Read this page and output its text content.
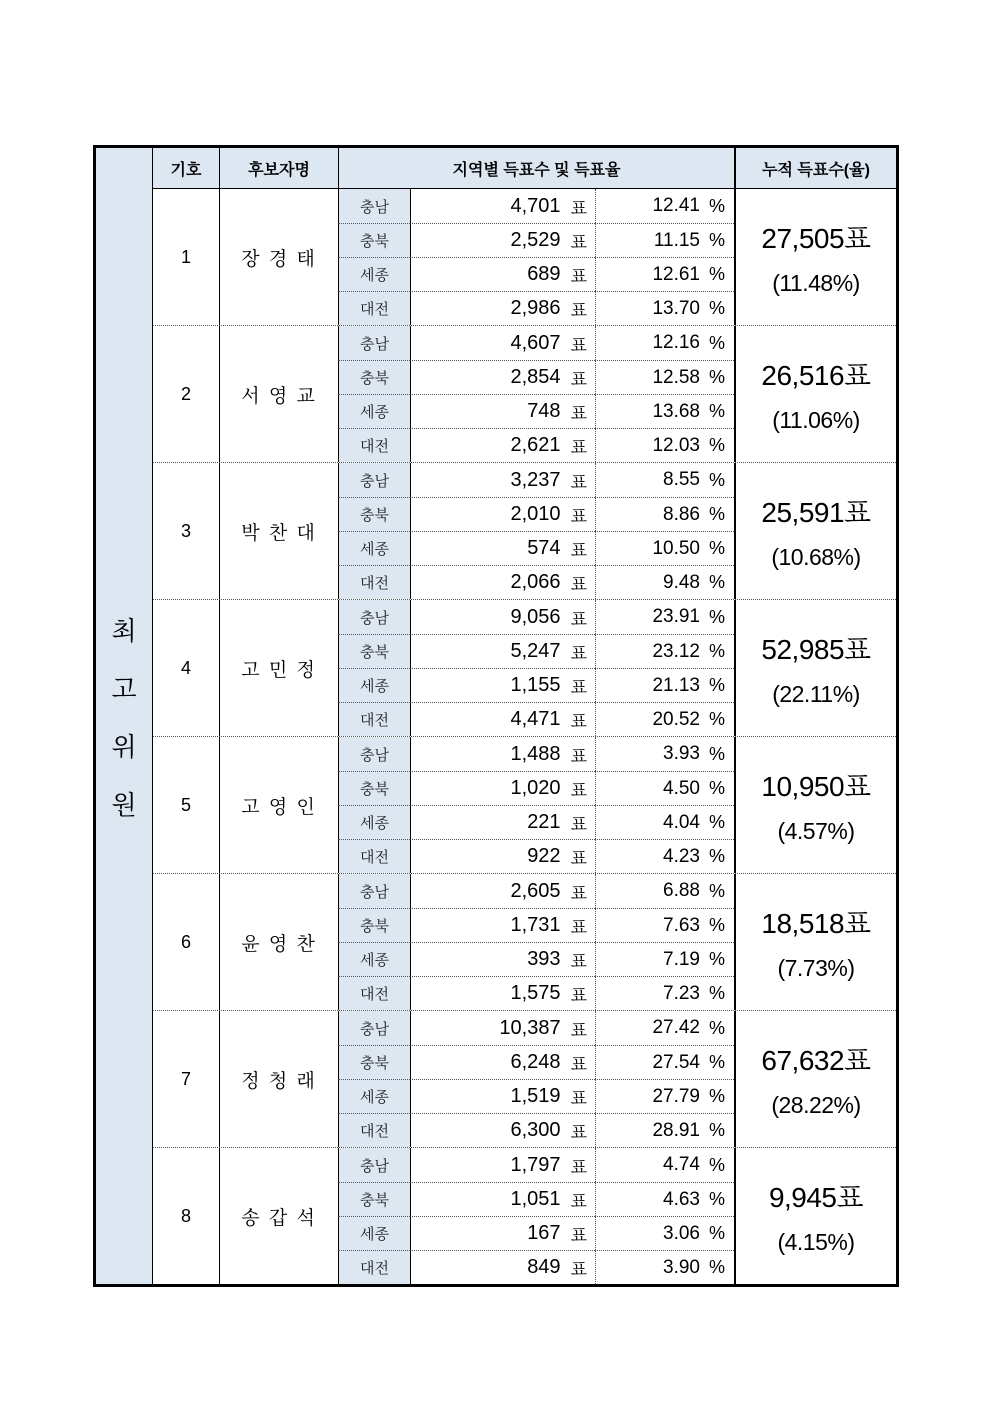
최
고
위
원
기호	후보자명	지역별 득표수 및 득표율	누적 득표수(율)
1	장 경 태
충남	4,701 표	12.41 %
충북	2,529 표	11.15 %
세종	689 표	12.61 %
대전	2,986 표	13.70 %
27,505표
(11.48%)
2	서 영 교
충남	4,607 표	12.16 %
충북	2,854 표	12.58 %
세종	748 표	13.68 %
대전	2,621 표	12.03 %
26,516표
(11.06%)
3	박 찬 대
충남	3,237 표	8.55 %
충북	2,010 표	8.86 %
세종	574 표	10.50 %
대전	2,066 표	9.48 %
25,591표
(10.68%)
4	고 민 정
충남	9,056 표	23.91 %
충북	5,247 표	23.12 %
세종	1,155 표	21.13 %
대전	4,471 표	20.52 %
52,985표
(22.11%)
5	고 영 인
충남	1,488 표	3.93 %
충북	1,020 표	4.50 %
세종	221 표	4.04 %
대전	922 표	4.23 %
10,950표
(4.57%)
6	윤 영 찬
충남	2,605 표	6.88 %
충북	1,731 표	7.63 %
세종	393 표	7.19 %
대전	1,575 표	7.23 %
18,518표
(7.73%)
7	정 청 래
충남	10,387 표	27.42 %
충북	6,248 표	27.54 %
세종	1,519 표	27.79 %
대전	6,300 표	28.91 %
67,632표
(28.22%)
8	송 갑 석
충남	1,797 표	4.74 %
충북	1,051 표	4.63 %
세종	167 표	3.06 %
대전	849 표	3.90 %
9,945표
(4.15%)
